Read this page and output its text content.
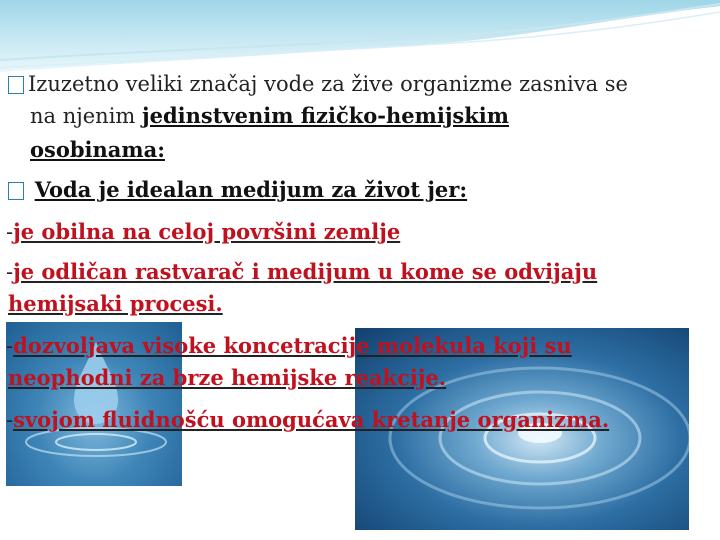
Izuzetno veliki značaj vode za žive organizme zasniva se
na njenim jedinstvenim fizičko-hemijskim
osobinama:
Voda je idealan medijum za život jer:
-je obilna na celoj površini zemlje
-je odličan rastvarač i medijum u kome se odvijaju
hemijsaki procesi.
-dozvoljava visoke koncetracije molekula koji su
neophodni za brze hemijske reakcije.
-svojom fluidnošću omogućava kretanje organizma.
